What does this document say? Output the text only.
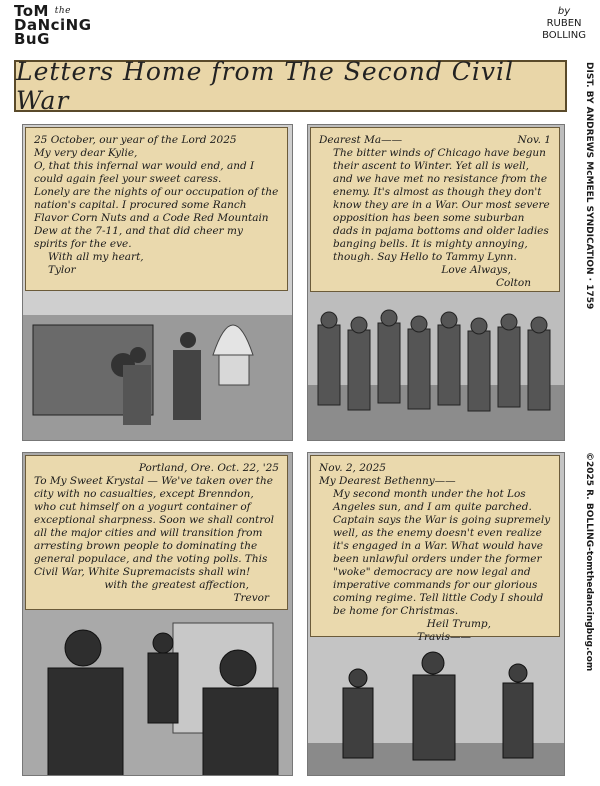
ToM $^{the}$
DaNciNG
BuG
by
RUBEN
BOLLING
Letters Home from The Second Civil War	DIST. BY ANDREWS McMEEL SYNDICATION · 1759
©2025 R. BOLLING-tomthedancingbug.com

25 October, our year of the Lord 2025

My very dear Kylie,

O, that this infernal war would end, and I could again feel your sweet caress.

Lonely are the nights of our occupation of the nation's capital. I procured some Ranch Flavor Corn Nuts and a Code Red Mountain Dew at the 7-11, and that did cheer my spirits for the eve.

With all my heart,

Tylor

Dearest Ma——	Nov. 1

The bitter winds of Chicago have begun their ascent to Winter. Yet all is well, and we have met no resistance from the enemy. It's almost as though they don't know they are in a War. Our most severe opposition has been some suburban dads in pajama bottoms and older ladies banging bells. It is mighty annoying, though. Say Hello to Tammy Lynn.

Love Always,

Colton

Portland, Ore. Oct. 22, '25

To My Sweet Krystal — We've taken over the city with no casualties, except Brenndon, who cut himself on a yogurt container of exceptional sharpness. Soon we shall control all the major cities and will transition from arresting brown people to dominating the general populace, and the voting polls. This Civil War, White Supremacists shall win!

with the greatest affection,

Trevor

Nov. 2, 2025

My Dearest Bethenny——

My second month under the hot Los Angeles sun, and I am quite parched. Captain says the War is going supremely well, as the enemy doesn't even realize it's engaged in a War. What would have been unlawful orders under the former "woke" democracy are now legal and imperative commands for our glorious coming regime. Tell little Cody I should be home for Christmas.

Heil Trump,

Travis——
